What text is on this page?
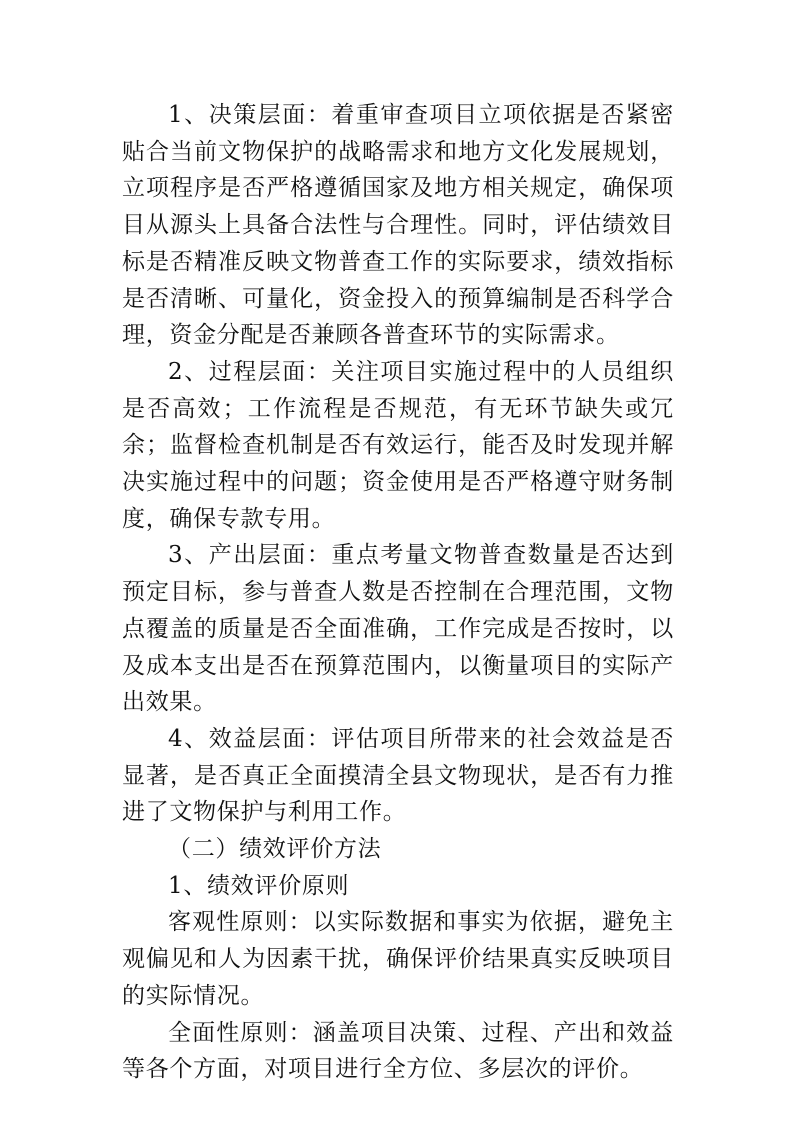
1、决策层面：着重审查项目立项依据是否紧密贴合当前文物保护的战略需求和地方文化发展规划，立项程序是否严格遵循国家及地方相关规定，确保项目从源头上具备合法性与合理性。同时，评估绩效目标是否精准反映文物普查工作的实际要求，绩效指标是否清晰、可量化，资金投入的预算编制是否科学合理，资金分配是否兼顾各普查环节的实际需求。

2、过程层面：关注项目实施过程中的人员组织是否高效；工作流程是否规范，有无环节缺失或冗余；监督检查机制是否有效运行，能否及时发现并解决实施过程中的问题；资金使用是否严格遵守财务制度，确保专款专用。

3、产出层面：重点考量文物普查数量是否达到预定目标，参与普查人数是否控制在合理范围，文物点覆盖的质量是否全面准确，工作完成是否按时，以及成本支出是否在预算范围内，以衡量项目的实际产出效果。

4、效益层面：评估项目所带来的社会效益是否显著，是否真正全面摸清全县文物现状，是否有力推进了文物保护与利用工作。

（二）绩效评价方法

1、绩效评价原则

客观性原则：以实际数据和事实为依据，避免主观偏见和人为因素干扰，确保评价结果真实反映项目的实际情况。

全面性原则：涵盖项目决策、过程、产出和效益等各个方面，对项目进行全方位、多层次的评价。
